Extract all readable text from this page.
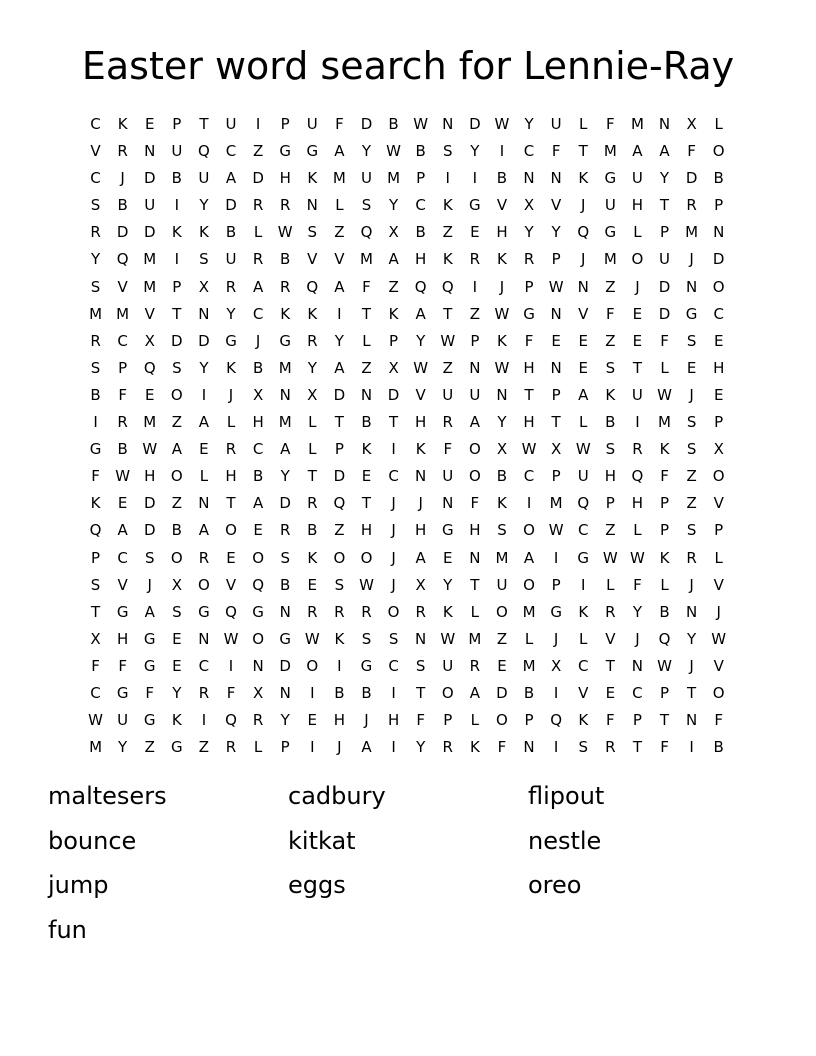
Easter word search for Lennie-Ray
C	K	E	P	T	U	I	P	U	F	D	B W N	D W	Y	U	L	F	M	N	X	L
V	R	N	U	Q	C	Z	G	G	A	Y	W B	S	Y	I	C	F	T	M	A	A	F	O
C	J	D	B	U	A	D	H	K	M	U	M	P	I	I	B	N	N	K	G	U	Y	D	B
S	B	U	I	Y	D	R	R	N	L	S	Y	C	K	G	V	X	V	J	U	H	T	R	P
R	D	D	K	K	B	L	W S	Z	Q	X	B	Z	E	H	Y	Y	Q	G	L	P	M	N
Y	Q M	I	S	U	R	B	V	V	M	A	H	K	R	K	R	P	J	M O	U	J	D
S	V	M	P	X	R	A	R	Q	A	F	Z	Q	Q	I	J	P	W N	Z	J	D	N	O
M M	V	T	N	Y	C	K	K	I	T	K	A	T	Z W G	N	V	F	E	D	G	C
R	C	X	D	D	G	J	G	R	Y	L	P	Y	W	P	K	F	E	E	Z	E	F	S	E
S	P	Q	S	Y	K	B	M	Y	A	Z	X W Z	N W H	N	E	S	T	L	E	H
B	F	E	O	I	J	X	N	X	D	N	D	V	U	U	N	T	P	A	K	U W	J	E
I	R	M	Z	A	L	H M	L	T	B	T	H	R	A	Y	H	T	L	B	I	M	S	P
G	B W A	E	R	C	A	L	P	K	I	K	F	O	X W X W S	R	K	S	X
F	W H	O	L	H	B	Y	T	D	E	C	N	U	O	B	C	P	U	H	Q	F	Z	O
K	E	D	Z	N	T	A	D	R	Q	T	J	J	N	F	K	I	M Q	P	H	P	Z	V
Q	A	D	B	A	O	E	R	B	Z	H	J	H	G	H	S	O W C	Z	L	P	S	P
P	C	S	O	R	E	O	S	K	O	O	J	A	E	N	M	A	I	G W W K	R	L
S	V	J	X	O	V	Q	B	E	S W	J	X	Y	T	U	O	P	I	L	F	L	J	V
T	G	A	S	G	Q	G	N	R	R	R	O	R	K	L	O M G	K	R	Y	B	N	J
X	H	G	E	N W O	G W K	S	S	N W M	Z	L	J	L	V	J	Q	Y	W
F	F	G	E	C	I	N	D	O	I	G	C	S	U	R	E	M	X	C	T	N W	J	V
C	G	F	Y	R	F	X	N	I	B	B	I	T	O	A	D	B	I	V	E	C	P	T	O
W U	G	K	I	Q	R	Y	E	H	J	H	F	P	L	O	P	Q	K	F	P	T	N	F
M	Y	Z	G	Z	R	L	P	I	J	A	I	Y	R	K	F	N	I	S	R	T	F	I	B
maltesers	cadbury	flipout
bounce	kitkat	nestle
jump	eggs	oreo
fun
